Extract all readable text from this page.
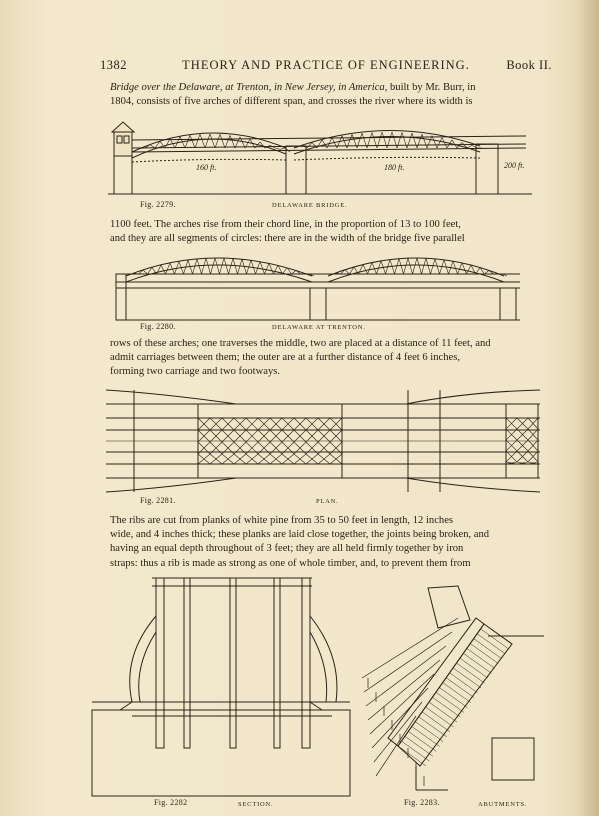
1382	THEORY AND PRACTICE OF ENGINEERING.	Book II.
Bridge over the Delaware, at Trenton, in New Jersey, in America, built by Mr. Burr, in
1804, consists of five arches of different span, and crosses the river where its width is
160 ft.	180 ft.	200 ft.
Fig. 2279.	DELAWARE BRIDGE.
1100 feet. The arches rise from their chord line, in the proportion of 13 to 100 feet,
and they are all segments of circles: there are in the width of the bridge five parallel
Fig. 2280.	DELAWARE AT TRENTON.
rows of these arches; one traverses the middle, two are placed at a distance of 11 feet, and
admit carriages between them; the outer are at a further distance of 4 feet 6 inches,
forming two carriage and two footways.
Fig. 2281.	PLAN.
The ribs are cut from planks of white pine from 35 to 50 feet in length, 12 inches
wide, and 4 inches thick; these planks are laid close together, the joints being broken, and
having an equal depth throughout of 3 feet; they are all held firmly together by iron
straps: thus a rib is made as strong as one of whole timber, and, to prevent them from
Fig. 2282	SECTION.	Fig. 2283.	ABUTMENTS.
